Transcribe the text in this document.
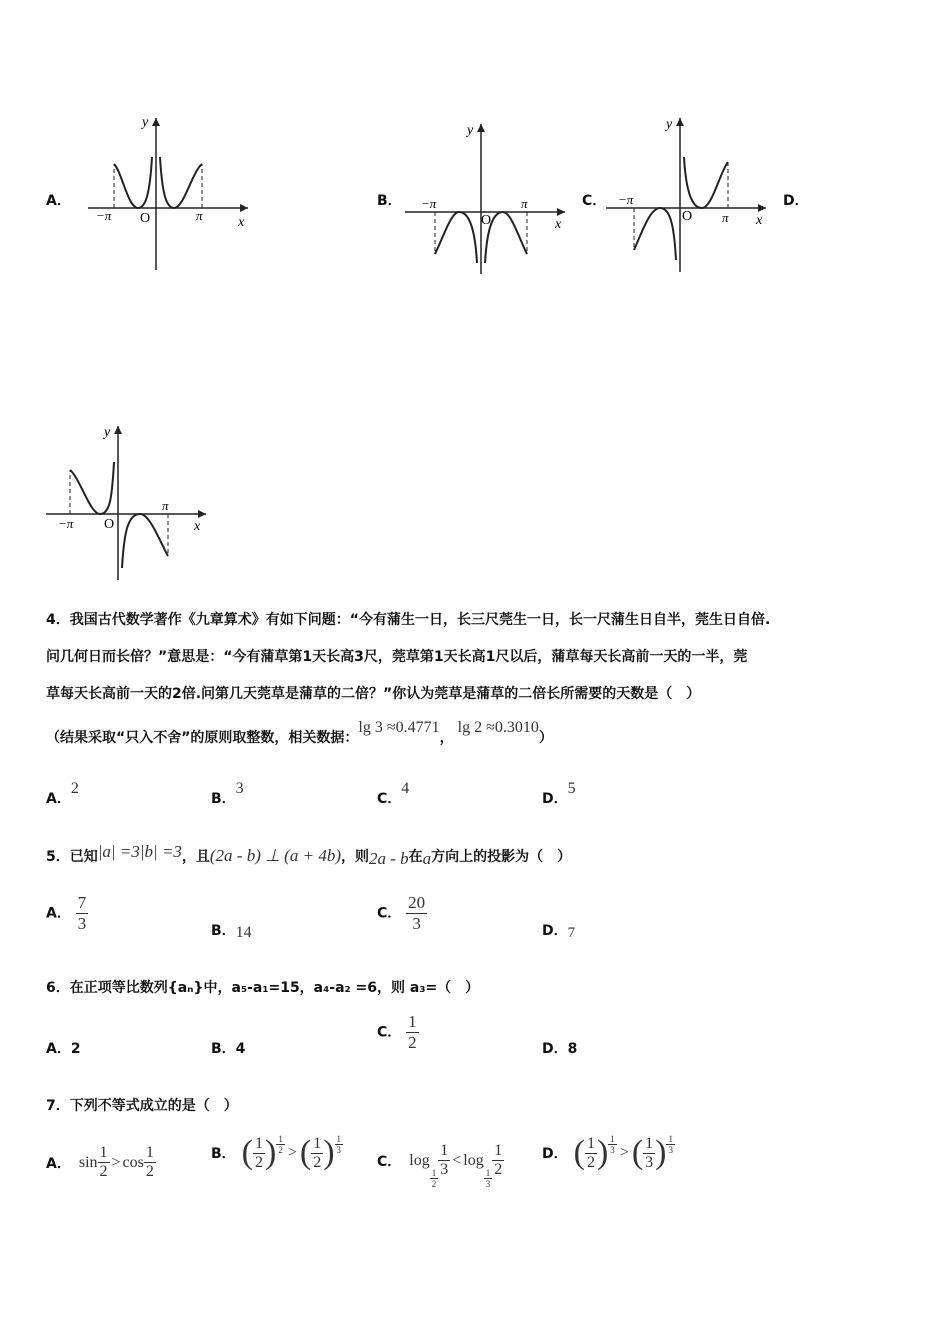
A．
y
x
O
−π	π
B．
y
x
O
−π	π	C．
y
x
O
−π
π
D．
y
x
O
−π
π
4．我国古代数学著作《九章算术》有如下问题：“今有蒲生一日，长三尺莞生一日，长一尺蒲生日自半，莞生日自倍.
问几何日而长倍？”意思是：“今有蒲草第1天长高3尺，莞草第1天长高1尺以后，蒲草每天长高前一天的一半，莞
草每天长高前一天的2倍.问第几天莞草是蒲草的二倍？”你认为莞草是蒲草的二倍长所需要的天数是（　）
（结果采取“只入不舍”的原则取整数，相关数据：lg 3 ≈0.4771，lg 2 ≈0.3010）
A．2
B．3
C．4
D．5
5．已知|a| =3|b| =3，且(2a - b) ⊥ (a + 4b)，则2a - b在a方向上的投影为（　）
A． $\frac{7}{3}$	B．14
C． $\frac{20}{3}$	D．7
6．在正项等比数列{aₙ}中，a₅-a₁=15，a₄-a₂ =6，则 a₃=（　）
A．2	B．4
C． $\frac{1}{2}$	D．8
7．下列不等式成立的是（　）
A． $\sin \frac{1}{2} > \cos \frac{1}{2}$	B． ( $\frac{1}{2}$ ) $\frac{1}{2}$ > ( $\frac{1}{2}$ ) $\frac{1}{3}$
C． log
$\frac{1}{2} \frac{1}{3} < \log$
$\frac{1}{3} \frac{1}{2}$	D． ( $\frac{1}{2}$ ) $\frac{1}{3}$ > ( $\frac{1}{3}$ ) $\frac{1}{3}$
